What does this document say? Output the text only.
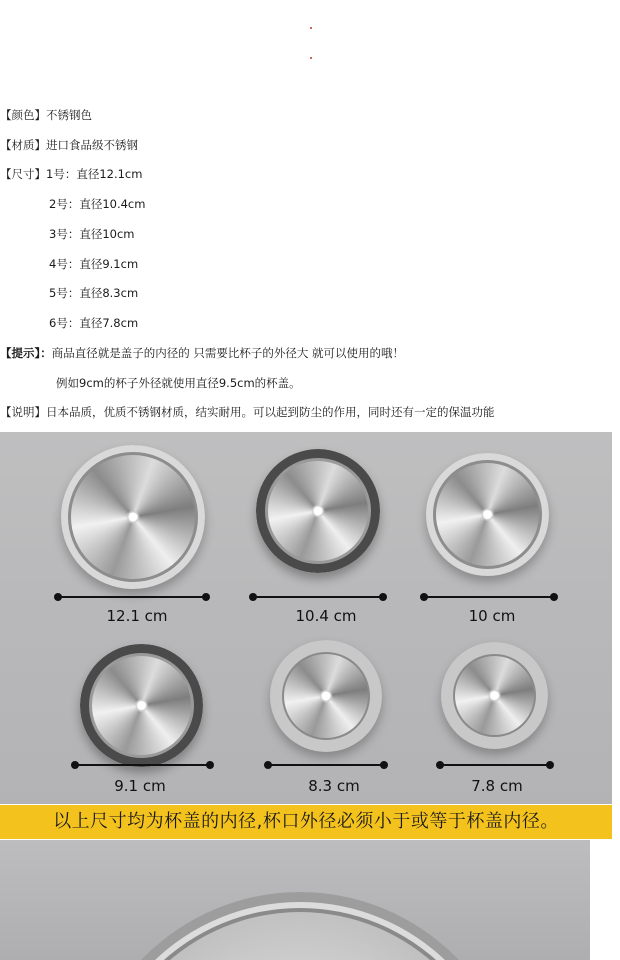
【颜色】不锈钢色
【材质】进口食品级不锈钢
【尺寸】1号：直径12.1cm
2号：直径10.4cm
3号：直径10cm
4号：直径9.1cm
5号：直径8.3cm
6号：直径7.8cm
【提示】：商品直径就是盖子的内径的 只需要比杯子的外径大 就可以使用的哦！
例如9cm的杯子外径就使用直径9.5cm的杯盖。
【说明】日本品质，优质不锈钢材质，结实耐用。可以起到防尘的作用，同时还有一定的保温功能
12.1 cm	10.4 cm	10 cm
9.1 cm	8.3 cm	7.8 cm
以上尺寸均为杯盖的内径,杯口外径必须小于或等于杯盖内径。
